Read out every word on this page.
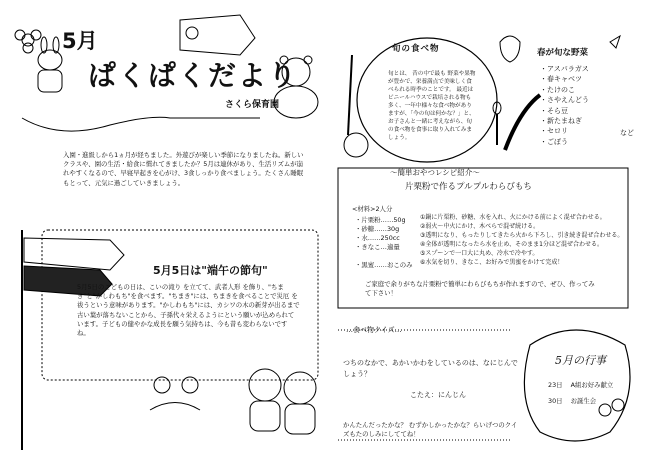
5月
ぱくぱくだより
さくら保育園
入園・進級しから1ヵ月が経ちました。外遊びが楽しい季節になりましたね。新しいクラスや、園の生活・給食に慣れてきましたか？5月は連休があり、生活リズムが崩れやすくなるので、早寝早起きを心がけ、3食しっかり食べましょう。たくさん睡眠もとって、元気に過ごしていきましょう。
5月5日は"端午の節句"
5月5日のこどもの日は、こいの滝り を立てて、武者人形 を飾り、"ちまき"と"かしわもち"を食べます。"ちまき"には、ちまきを食べることで災厄 を祓うという意味があります。"かしわもち"には、カシワの木の新芽が出るまで古い葉が落ちないことから、子孫代々栄えるようにという願いが込められています。子どもの健やかな成長を願う気持ちは、今も昔も変わらないですね。
旬の食べ物
旬とは、 昔の中で最も 野菜や果物が豊かで、栄養満点で美味しく食べられる時季のことです。 最近はビニールハウスで栽培される物も多く、一年中様々な食べ物がありますが、「今の旬は何かな？」と、お子さんと一緒に考えながら、旬の食べ物を食事に取り入れてみましょう。
春が旬な野菜
・ アスパラガス
・ 春キャベツ
・ たけのこ
・ さやえんどう
・ そら豆
・ 新たまねぎ
・ セロリ
・ ごぼう
など
～簡単おやつレシピ紹介～
片栗粉で作るプルプルわらびもち
<材料>2人分
・片栗粉……50g
・砂糖……30g
・水……250cc
・きなこ…適量
・黒蜜……おこのみ
①鍋に片栗粉、砂糖、水を入れ、火にかける前によく混ぜ合わせる。
②弱火～中火にかけ、木べらで混ぜ続ける。
③透明になり、もったりしてきたら火から下ろし、引き続き混ぜ合わせる。
④全体が透明になったら水を止め、そのまま1分ほど混ぜ合わせる。
⑤スプーンで一口大に丸め、冷水で冷やす。
⑥水気を切り、きなこ、お好みで黒蜜をかけて完成！
ご家庭で余りがちな片栗粉で簡単にわらびもちが作れますので、ぜひ、作ってみて下さい！
…食べ物クイズ…
つちのなかで、あかいかわをしているのは、なにじんでしょう？
こたえ：にんじん
かんたんだったかな？ むずかしかったかな？らいげつのクイズもたのしみにしててね！
5月の行事
23日 A組お好み献立
30日 お誕生会
